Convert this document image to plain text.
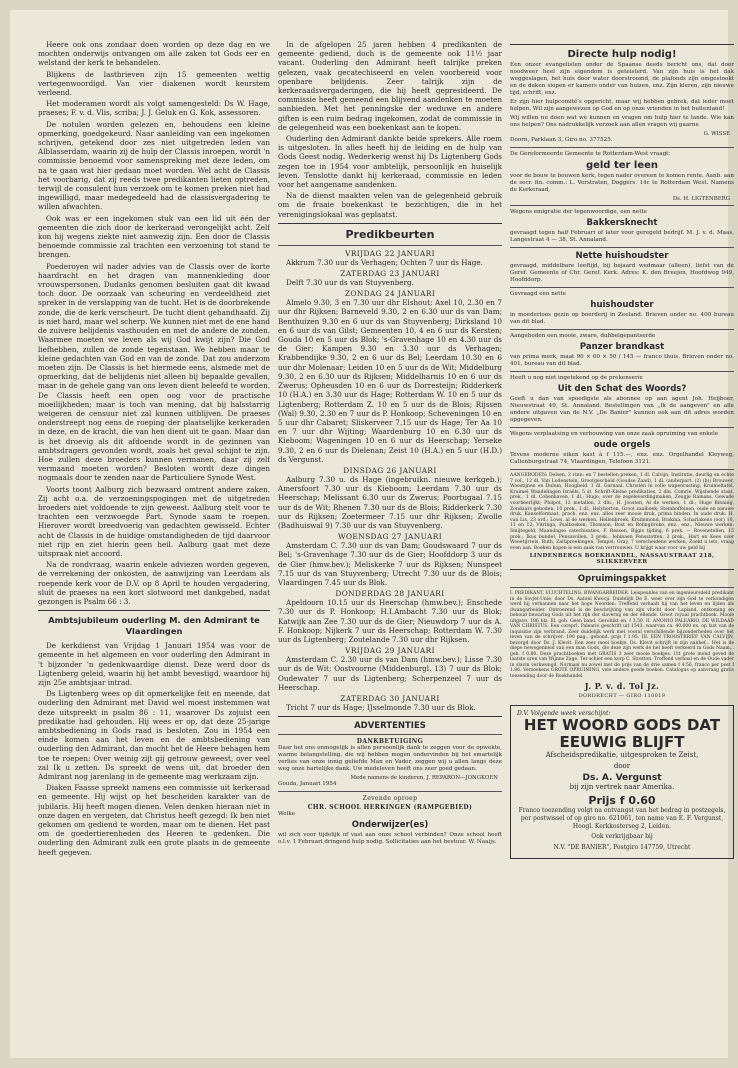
Heere ook ons zondaar doen worden op deze dag en we mochten onderwijs ontvangen om alle zaken tot Gods eer en welstand der kerk te behandelen.

Blijkens de lastbrieven zijn 15 gemeenten wettig vertegenwoordigd. Van vier diakenen wordt keurstem verleend.

Het moderamen wordt als volgt samengesteld: Ds W. Hage, praeses; F. v. d. Vlis, scriba; J. J. Geluk en G. Kok, assessoren.

De notulen worden gelezen en, behoudens een kleine opmerking, goedgekeurd. Naar aanleiding van een ingekomen schrijven, getekend door zes niet uitgetreden leden van Alblasserdam, waarin zij de hulp der Classis inroepen, wordt 'n commissie benoemd voor samenspreking met deze leden, om na te gaan wat hier gedaan moet worden. Wel acht de Classis het voorbarig, dat zij reeds twee predikanten lieten optreden, terwijl de consulent hun verzoek om te komen preken niet had ingewilligd, maar medegedeeld had de classisvergadering te willen afwachten.

Ook was er een ingekomen stuk van een lid uit één der gemeenten die zich door de kerkeraad verongelijkt acht. Zelf kon hij wegens ziekte niet aanwezig zijn. Een door de Classis benoemde commissie zal trachten een verzoening tot stand te brengen.

Poederoyen wil nader advies van de Classis over de korte haardracht en het dragen van mannenkleding door vrouwspersonen. Dudanks genomen besluiten gaat dit kwaad toch door. De oorzaak van scheuring en verdeeldheid ziet spreker in de verslapping van de tucht. Het is de doorbrekende zonde, die de kerk verscheurt. De tucht dient gehandhaafd. Zij is niet hard, maar wel scherp. We kunnen niet met de ene hand de zuivere belijdenis vasthouden en met de andere de zonden. Waarmee moeten we leven als wij God kwijt zijn? Die God liefhebben, zullen de zonde tegenstaan. We hebben maar te kleine gedachten van God en van de zonde. Dat zou anderzom moeten zijn. De Classis is het hiermede eens, alsmede met de opmerking, dat de belijdenis niet alleen bij bepaalde gevallen, maar in de gehele gang van ons leven dient beleefd te worden. De Classis heeft een open oog voor de practische moeilijkheden; maar is toch van mening, dat bij halsstarrig weigeren de censuur niet zal kunnen uitblijven. De praeses onderstreept nog eens de roeping der plaatselijke kerkeraden in deze, en de kracht, die van hen dient uit te gaan. Maar dan is het droevig als dit afdoende wordt in de gezinnen van ambtsdragers gevonden wordt, zoals het geval schijnt te zijn. Hoe zullen deze broeders kunnen vermanen, daar zij zelf vermaand moeten worden? Besloten wordt deze dingen nogmaals door te zenden naar de Particuliere Synode West.

Voorts toont Aalburg zich bezwaard omtrent andere zaken. Zij acht o.a. de verzoeningspogingen met de uitgetreden broeders niet voldoende te zijn geweest. Aalburg stelt voor te trachten een verzwoegde Part. Synode saam te roepen. Hierover wordt breedvoerig van gedachten gewisseld. Echter acht de Classis in de huidige omstandigheden de tijd daarvoor niet rijp en ziet hierin geen heil. Aalburg gaat met deze uitspraak niet accoord.

Na de rondvraag, waarin enkele adviezen worden gegeven, de verrekening der onkosten, de aanwijzing van Leerdam als roepende kerk voor de D.V. op 8 April te houden vergadering, sluit de praeses na een kort slotwoord met dankgebed, nadat gezongen is Psalm 66 : 3.

Ambtsjubileum ouderling M. den Admirant te Vlaardingen

De kerkdienst van Vrijdag 1 Januari 1954 was voor de gemeente in het algemeen en voor ouderling den Admirant in 't bijzonder 'n gedenkwaardige dienst. Deze werd door ds Ligtenberg geleid, waarin hij het ambt bevestigd, waardoor hij zijn 25e ambtsjaar intrad.

Ds Ligtenberg wees op dit opmerkelijke feit en meende, dat ouderling den Admirant met David wel moest instemmen wat deze uitspreekt in psalm 86 : 11, waarover Ds zojuist een predikatie had gehouden. Hij wees er op, dat deze 25-jarige ambtsbediening in Gods raad is besloten. Zou in 1954 een einde komen aan het leven en de ambtsbediening van ouderling den Admirant, dan mocht het de Heere behagen hem toe te roepen: Over weinig zijt gij getrouw geweest, over veel zal Ik u zetten. Ds spreekt de wens uit, dat broeder den Admirant nog jarenlang in de gemeente mag werkzaam zijn.

Diaken Faasse spreekt namens een commissie uit kerkeraad en gemeente. Hij wijst op het bescheiden karakter van de jubilaris. Hij heeft mogen dienen. Velen denken hieraan niet in onze dagen en vergeten, dat Christus heeft gezegd: Ik ben niet gekomen om gediend te worden, maar om te dienen. Het past om de goedertierenheden des Heeren te gedenken. Die ouderling den Admirant zulk een grote plaats in de gemeente heeft gegeven.

In de afgelopen 25 jaren hebben 4 predikanten de gemeente gediend, doch is de gemeente ook 11½ jaar vacant. Ouderling den Admirant heeft talrijke preken gelezen, vaak gecatechiseerd en velen voorbereid voor openbare belijdenis. Zeer talrijk zijn de kerkeraadsvergaderingen, die hij heeft gepresideerd. De commissie heeft gemeend een blijvend aandenken te moeten aanbieden. Met het penningske der weduwe en andere giften is een ruim bedrag ingekomen, zodat de commissie in de gelegenheid was een boekenkast aan te kopen.

Ouderling den Admirant dankte beide sprekers. Alle roem is uitgesloten. In alles heeft hij de leiding en de hulp van Gods Geest nodig. Wederkerig wenst hij Ds Ligtenberg Gods zegen toe in 1954 voor ambtelijk, persoonlijk en huiselijk leven. Tenslotte dankt hij kerkeraad, commissie en leden voor het aangename aandenken.

Na de dienst maakten velen van de gelegenheid gebruik om de fraaie boekenkast te bezichtigen, die in het verenigingslokaal was geplaatst.

Predikbeurten
VRIJDAG 22 JANUARI

Akkrum 7.30 uur ds Verhagen; Ochten 7 uur ds Hage.

ZATERDAG 23 JANUARI

Delft 7.30 uur ds van Stuyvenberg.

ZONDAG 24 JANUARI

Almelo 9.30, 3 en 7.30 uur dhr Elshout; Axel 10, 2.30 en 7 uur dhr Rijksen; Barneveld 9.30, 2 en 6.30 uur ds van Dam; Benthuizen 9.30 en 6 uur ds van Stuyvenberg; Dirksland 10 en 6 uur ds van Gilst; Gemeenten 10, 4 en 6 uur ds Kersten; Gouda 10 en 5 uur ds Blok; 's-Gravenhage 10 en 4.30 uur ds de Gier; Kampen 9.30 en 3.30 uur ds Verhagen; Krabbendijke 9.30, 2 en 6 uur ds Bel; Leerdam 10.30 en 6 uur dhr Molenaar; Leiden 10 en 5 uur ds de Wit; Middelburg 9.30, 2 en 6.30 uur ds Rijksen; Middelharnis 10 en 6 uur ds Zwerus; Opheusden 10 en 6 uur ds Dorresteijn; Ridderkerk 10 (H.A.) en 3.30 uur ds Hage; Rotterdam W. 10 en 5 uur ds Ligtenberg; Rotterdam Z. 10 en 5 uur ds de Blois; Rijssen (Wal) 9.30, 2.30 en 7 uur ds P. Honkoop; Scheveningen 10 en 5 uur dhr Cabaret; Sliskerveer 7.15 uur ds Hage; Ter Aa 10 en 7 uur dhr Wijting; Waardenburg 10 en 6.30 uur ds Kieboom; Wageningen 10 en 6 uur ds Heerschap; Yerseke 9.30, 2 en 6 uur ds Dielenan; Zeist 10 (H.A.) en 5 uur (H.D.) ds Vergunst.

DINSDAG 26 JANUARI

Aalburg 7.30 u. ds Hage (ingebruikn. nieuwe kerkgeb.); Amersfoort 7.30 uur ds Kieboom; Leerdam 7.30 uur ds Heerschap; Melissant 6.30 uur ds Zwerus; Poortugaal 7.15 uur ds de Wit; Rhenen 7.30 uur ds de Blois; Ridderkerk 7.30 uur ds Rijksen; Zoetermeer 7.15 uur dhr Rijksen; Zwolle (Badhuiswal 9) 7.30 uur ds van Stuyvenberg.

WOENSDAG 27 JANUARI

Amsterdam C. 7.30 uur ds van Dam; Goudswaard 7 uur ds Bel; 's-Gravenhage 7.30 uur ds de Gier; Hoofddorp 3 uur ds de Gier (hmw.bev.); Meliskerke 7 uur ds Rijksen; Nunspeet 7.15 uur ds van Stuyvenberg; Utrecht 7.30 uur ds de Blois; Vlaardingen 7.45 uur ds Blok.

DONDERDAG 28 JANUARI

Apeldoorn 10.15 uur ds Heerschap (hmw.bev.); Enschede 7.30 uur ds P. Honkoop; H.I.Ambacht 7.30 uur ds Blok; Katwijk aan Zee 7.30 uur ds de Gier; Nieuwdorp 7 uur ds A. F. Honkoop; Nijkerk 7 uur ds Heerschap; Rotterdam W. 7.30 uur ds Ligtenberg; Zoutelande 7.30 uur dhr Rijksen.

VRIJDAG 29 JANUARI

Amsterdam C. 2.30 uur ds van Dam (hmw.bev.); Lisse 7.30 uur ds de Wit; Oostvoorne (Middenburgl. 13) 7 uur ds Blok; Oudewater 7 uur ds Ligtenberg; Scherpenzeel 7 uur ds Heerschap.

ZATERDAG 30 JANUARI

Tricht 7 uur ds Hage; IJsselmonde 7.30 uur ds Blok.

ADVERTENTIES
DANKBETUIGING

Daar het ons onmogelijk is allen persoonlijk dank te zeggen voor de opwekte, warme belangstelling, die wij hebben mogen ondervinden bij het smartelijk verlies van onze innig geliefde Man en Vader, zeggen wij u allen langs deze weg onze hartelijke dank. Uw medeleven heeft ons zeer goed gedaan.

Mede namens de kinderen, J. REPARON—JONGKOEN

Gouda, Januari 1954

Zevende oproep
CHR. SCHOOL HERKINGEN (RAMPGEBIED)

Welke

Onderwijzer(es)

wil zich voor tijdelijk of vast aan onze school verbinden? Onze school heeft o.l.v. 1 Februari dringend hulp nodig. Sollicitaties aan het bestuur. W. Naaijs.

Directe hulp nodig!

Een onzer evangelisten onder de Spaanse deeds bericht ons, dat door noodweer heel zijn eigendom is geteisterd. Van zijn huis is het dak weggeslagen, het huis door water doorstroomd, de plafonds zijn omgestookt en de daken slopen er kamers onder van huizen, enz. Zijn kleren, zijn nieuwe tijd, schrift, enz.

Er zijn hier hulpcomité's opgericht, maar wij hebben gebrek, dat ieder moet helpen. Wil zijn aangewezen op God en op onze vrienden in het buitenland!

Wij willen nu doen wat we kunnen en vragen om hulp hier te lande. Wie kan ons helpen? Ons nadrukkelijk verzoek aan allen vragen wij gaarne

G. WISSE

Doorn, Parklaan 3, Giro no. 377525.

De Gereformeerde Gemeente te Rotterdam-West vraagt:

geld ter leen

voor de bouw te bouwen kerk, tegen nader overeen te komen rente. Aanb. aan de secr. fin. comm.: L. Verstraten, Doggers. 14c te Rotterdam West. Namens de Kerkeraad,

Ds. H. LIGTENBERG

Wegens emigratie der tegenwoordige, een nette

Bakkersknecht

gevraagd tegen half Februari of later voor geregeld bedrijf. M. J. v. d. Maas, Langestraat 4 — 38, St. Annaland.

Nette huishoudster

gevraagd, middelbare leeftijd, bij bejaard wedmaar (alleen), liefst van de Geref. Gemeente of Chr. Geref. Kerk. Adres: K. den Breejen, Hoofdweg 949, Hoofddorp.

Gevraagd een nette

huishoudster

in moederloos gezin op boerderij in Zeeland. Brieven onder no. 400 bureau van dit blad.

Aangeboden een mooie, zware, dubbelgepantserde

Panzer brandkast

van prima merk, maat 90 × 60 × 50 / 145 — franco thuis. Brieven onder no. 401, bureau van dit blad.

Heeft u nog niet ingetekend op de prekenserie

Uit den Schat des Woords?

Geeft u dan van spoedigste als abonnee op aan agent Joh. Heijboer, Nieuwstraat 49, St. Annaland. Bestellingen van „Ik de aangeven" en alle andere uitgaven van de N.V. „De Banier" kunnen ook aan dit adres worden opgegeven.

Wegens verplaatsing en verbouwing van onze zaak opruiming van enkele

oude orgels

Tevens moderne eiken kast à f 115.—, enz. enz. Orgelhandel Kleyweg, Callenburgstraat 74, Vlaardingen, Telefoon 3121.

AANGEBODEN: Delsen, 2 vinn: en 7 bestellen preken, 1 dl. Calvijn, Institutie, deurlig en echte 7 vol., 12 dl. Van Lodenstein, Grootgescheid (Goudse Zaad), 1 dl. (anderpart. (2) (h)) Brouwer, Woestijnen en Dulum, Hoogbeid. 1 dl. Garnaal. Christen in volle wapenrusting, Kruimeltafel, Kruimel Wandelingen Israëls; 5 st. Schrift-Kleine predikaties, 2 dln. Comrie, Wijsbende staat, prek., 1 dl. Cobenhaven, 1 dl.; Hugo, over de zegeleverdingmaken, Zeugje Ramans, Gewade voorheerlijkt; Philpot, 12 metallen, 2 dln.; H. Joosten, Al de werken, 1 dl.; Huge Binning, Zondaars geboden, 10 prek., 1 dl.; Helyherton, Groot zaaiboek; Steinhoffeinen, oude en nieuwe druk, Kanselformaat, prach, enz. enz. alles zeer mooie druk, prima binden. In oude druk: H. van Lis, 23 ord.; Lows, al de werken, Hellenbroek, Kruimmond, Brakina, Scharlakens (oor) 10, 11 en 12; Vitringa, Psalboeken; Thomson, Bost en Bolingbroke, enz., enz., Nieuwe werken: Smijtegeld, Maandagse catechisaties, F. Reasen, Bijgis tijding, 6 prek. — Rovenetellen, 15 prek.; Ikus bundel, Pensavollen, 3 prek., Iebinaen Pensstotfen, 3 prek., Hart en Kees over Woeetijrreis, Ruth, Zaltipreekingen, Tempel; Gray, 7 verscheidene werken, Zoekt u iets, vraag even aan. Boeken kopen is een zaak van vertrouwen. U krijgt waar voor uw geld bij

LINDENBERGS BOEKHANDEL, NASSAUSTRAAT 218, SLIKKERVEER
Opruimingspakket

I. PREDIKANT, VLUCHTELING, BWANGARBEIDER. Leispeunles van en ingenieursdeld predikant in de Sovjet-Unie, door Ds. Aatoni Kwecji. Duidelijk De E. weer over zijn God te verkondigen werd hij verbannen naar het hoge Noorden. Treffend verhaalt hij van het leven en lijden als dwangarbeider. Ontroerend is de beschrijving van zijn vlucht door Lapland, ontkoming en behoud bewaring Gods uit het rijk der slavernij en der ellende. Groot royaal prachtboek. Mooie uitgave, 186 blz. Ill. geb. Geen band. Geroltikt en. f 3,50. II. ANONIO PALEARIO, DE WILDAAD VAN CHRISTUS. Een coreprl. Paleario geschrift uit 1543, waarvan ca. 40.000 ex. op last van de inquisitie zijn verbrand. Zeer duidelijk werk met vooral verschillende bijzonderheden over het leven van de schrijver. 190 pag., gebond. prijs f 1.95. III. EEN TROOSTBRIEF VAN CALVIJN, bezorgd door Ds. J. Klevit. Een zeer mooi boekje. Ds. Klevit schrijft in zijn aanhef... Het is de diepe bewogenheid van een man Gods, die deze zijn werk de hel heeft verkeerd in Gods Naam... geb. f 0.80. Deze prachtboeken met GRATIS 3 zeer mooie boekjes. Uit grote mond geved de laatste uren van Wijnne Zage. Ter schier een korp C. Stretton. Treffend verhaal en de Oude vader in slavin verkwengd. Normaal nu zowel met de prijs van de drie samen f 4.56, franco per post f 1.86. Verzoekens GROTE OPRUIMING, vele andere goede boeken. Catalogus op aanvraag gratis toezending door de Boekhandel

J. P. v. d. Tol Jz.
DORDRECHT — GIRO 110019
D.V. Volgende week verschijnt:
HET WOORD GODS DAT EEUWIG BLIJFT

Afscheidspredikatie, uitgesproken te Zeist,

door

Ds. A. Vergunst

bij zijn vertrek naar Amerika.

Prijs f 0.60

Franco toezending volgt na ontvangst van het bedrag in postzegels, per postwissel of op giro no. 621061, ten name van E. F. Vergunst, Hoogl. Kerkkosterseg 2, Leiden.

Ook verkrijgbaar bij

N.V. "DE BANIER", Postgiro 147759, Utrecht
